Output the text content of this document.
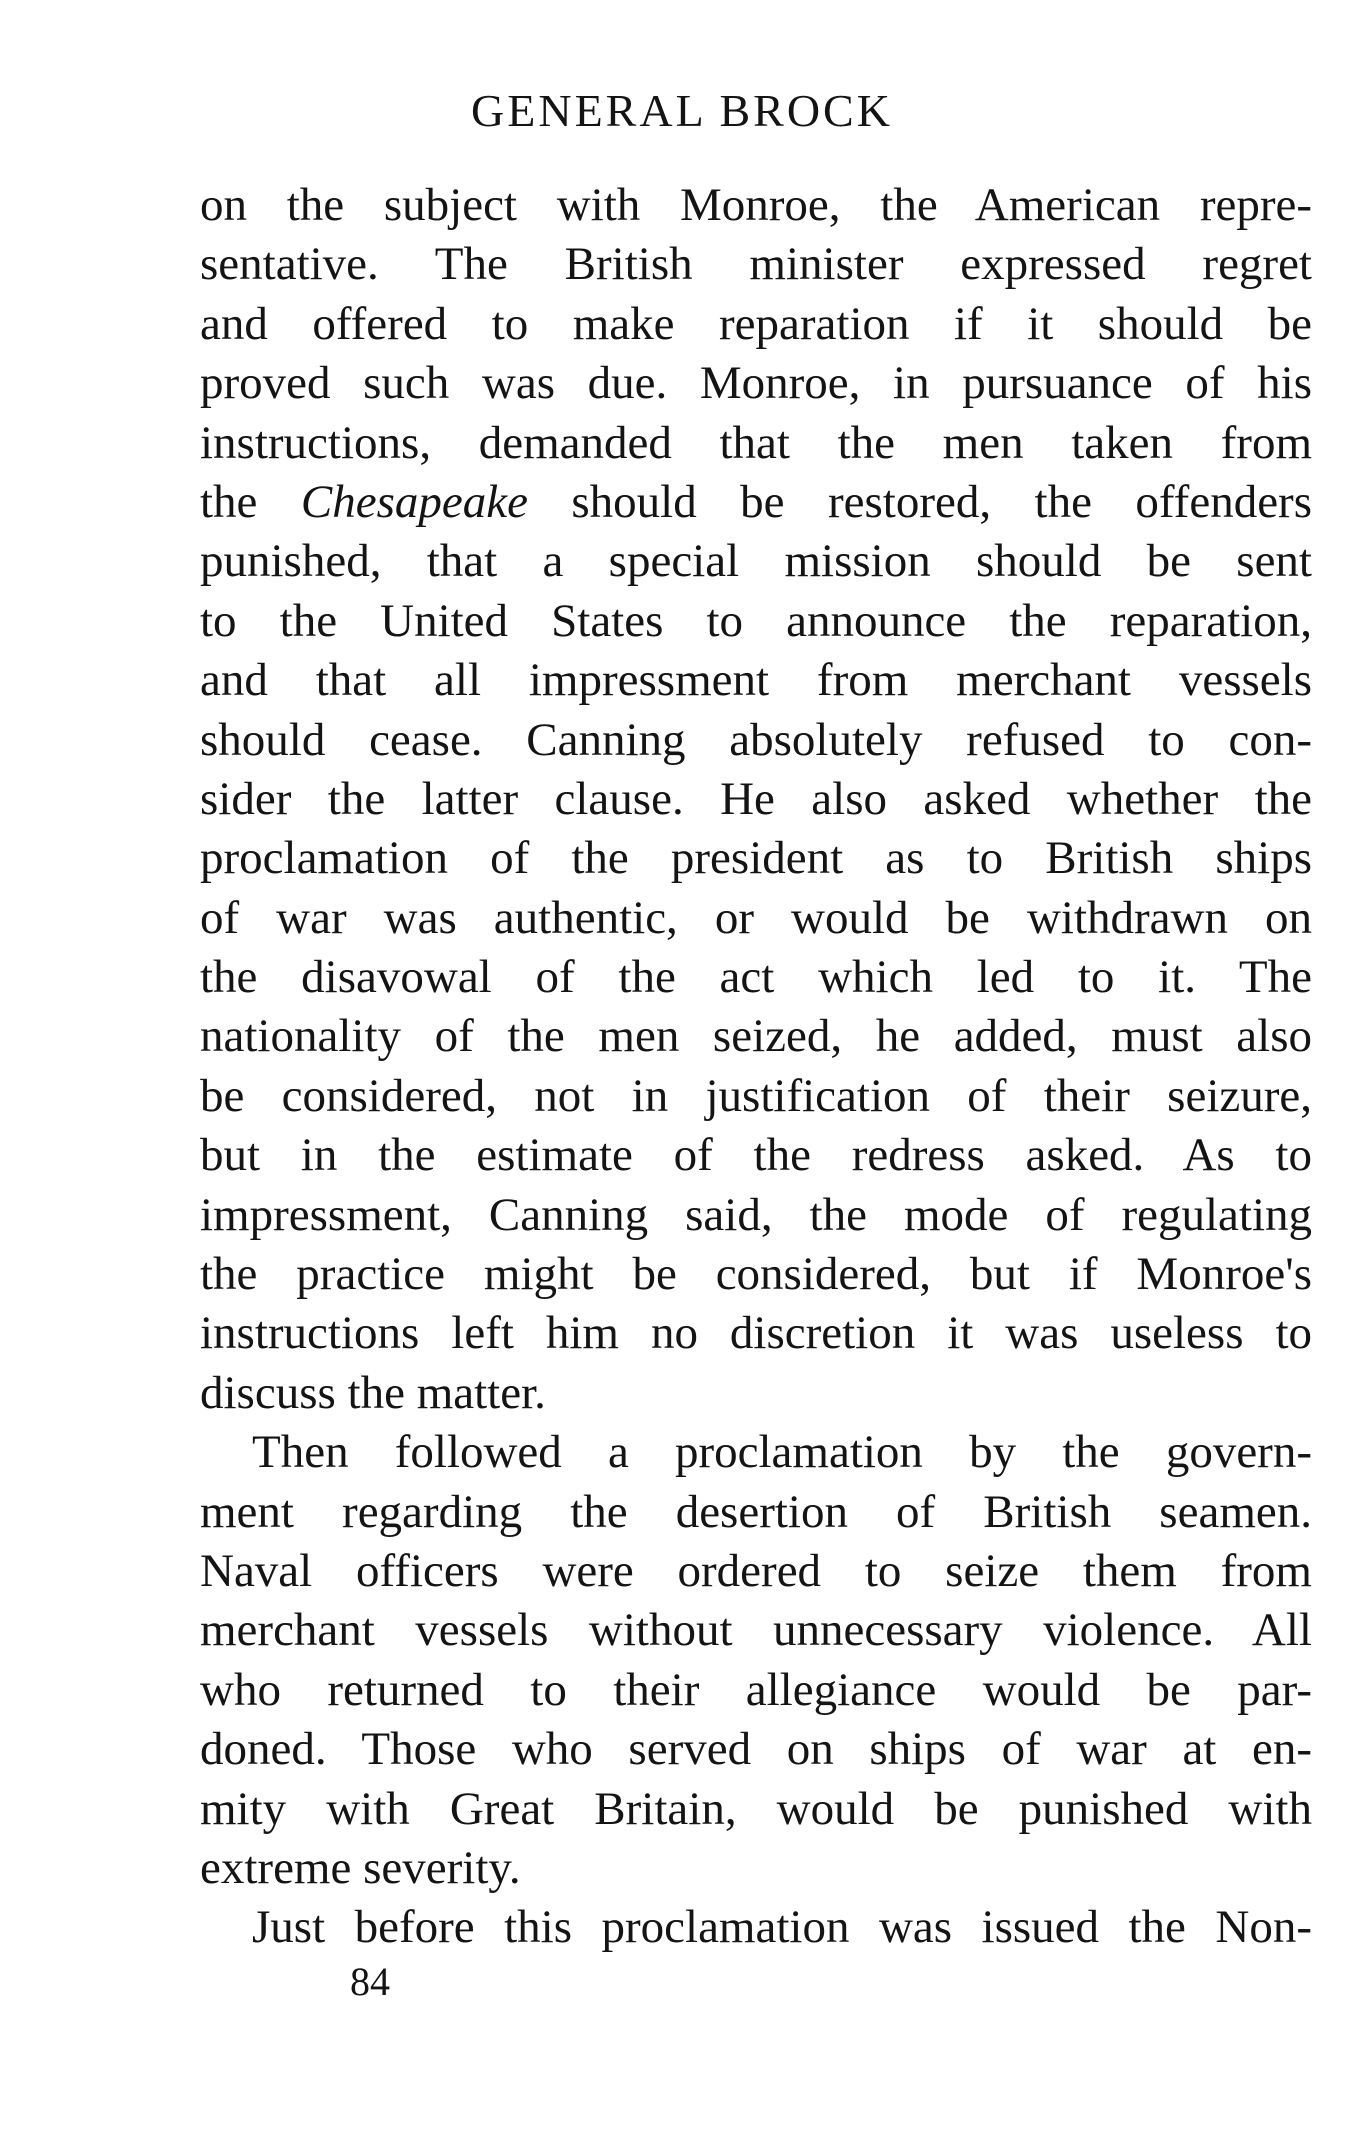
GENERAL BROCK
on the subject with Monroe, the American repre-
sentative. The British minister expressed regret
and offered to make reparation if it should be
proved such was due. Monroe, in pursuance of his
instructions, demanded that the men taken from
the Chesapeake should be restored, the offenders
punished, that a special mission should be sent
to the United States to announce the reparation,
and that all impressment from merchant vessels
should cease. Canning absolutely refused to con-
sider the latter clause. He also asked whether the
proclamation of the president as to British ships
of war was authentic, or would be withdrawn on
the disavowal of the act which led to it. The
nationality of the men seized, he added, must also
be considered, not in justification of their seizure,
but in the estimate of the redress asked. As to
impressment, Canning said, the mode of regulating
the practice might be considered, but if Monroe's
instructions left him no discretion it was useless to
discuss the matter.
Then followed a proclamation by the govern-
ment regarding the desertion of British seamen.
Naval officers were ordered to seize them from
merchant vessels without unnecessary violence. All
who returned to their allegiance would be par-
doned. Those who served on ships of war at en-
mity with Great Britain, would be punished with
extreme severity.
Just before this proclamation was issued the Non-
84
